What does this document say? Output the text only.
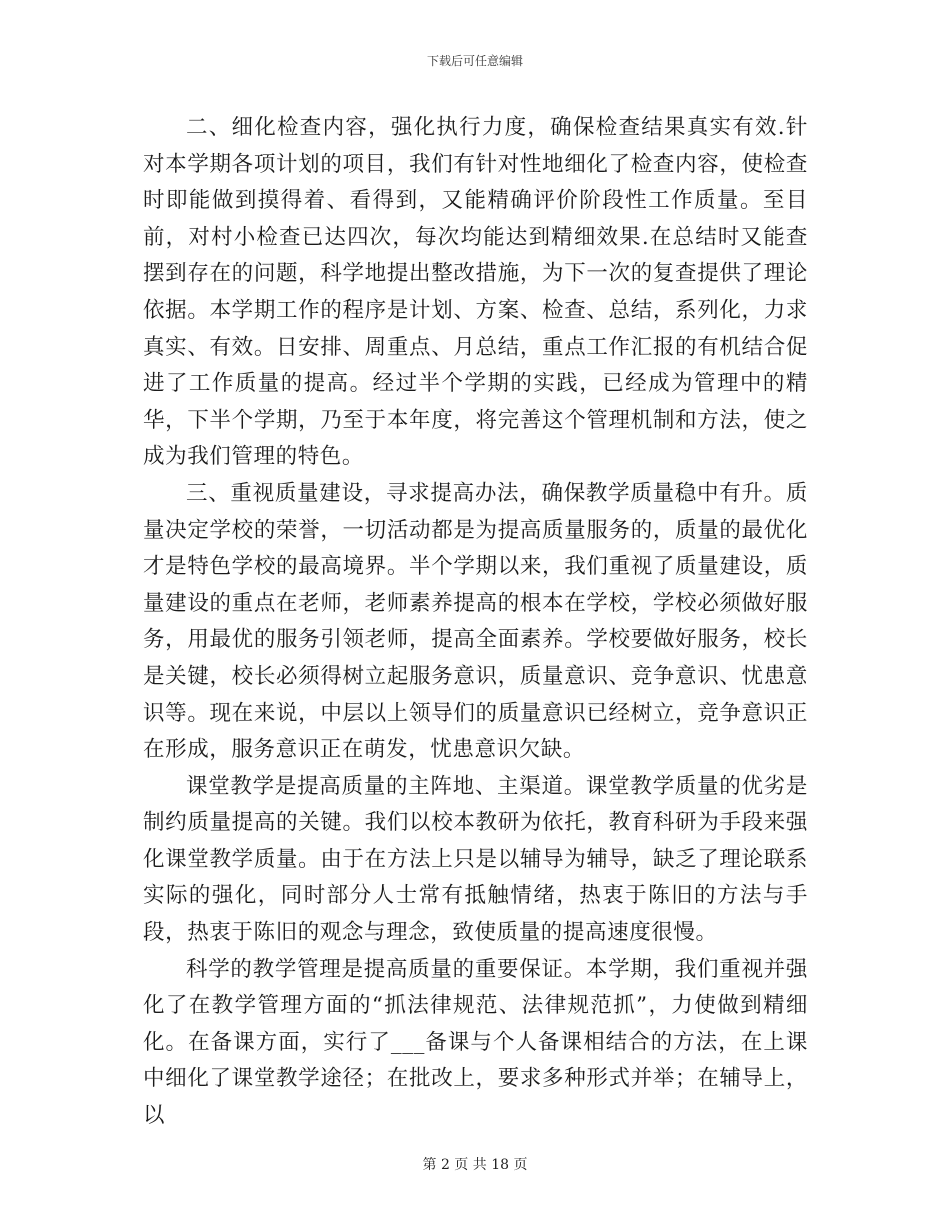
下载后可任意编辑

二、细化检查内容，强化执行力度，确保检查结果真实有效.针对本学期各项计划的项目，我们有针对性地细化了检查内容，使检查时即能做到摸得着、看得到，又能精确评价阶段性工作质量。至目前，对村小检查已达四次，每次均能达到精细效果.在总结时又能查摆到存在的问题，科学地提出整改措施，为下一次的复查提供了理论依据。本学期工作的程序是计划、方案、检查、总结，系列化，力求真实、有效。日安排、周重点、月总结，重点工作汇报的有机结合促进了工作质量的提高。经过半个学期的实践，已经成为管理中的精华，下半个学期，乃至于本年度，将完善这个管理机制和方法，使之成为我们管理的特色。

三、重视质量建设，寻求提高办法，确保教学质量稳中有升。质量决定学校的荣誉，一切活动都是为提高质量服务的，质量的最优化才是特色学校的最高境界。半个学期以来，我们重视了质量建设，质量建设的重点在老师，老师素养提高的根本在学校，学校必须做好服务，用最优的服务引领老师，提高全面素养。学校要做好服务，校长是关键，校长必须得树立起服务意识，质量意识、竞争意识、忧患意识等。现在来说，中层以上领导们的质量意识已经树立，竞争意识正在形成，服务意识正在萌发，忧患意识欠缺。

课堂教学是提高质量的主阵地、主渠道。课堂教学质量的优劣是制约质量提高的关键。我们以校本教研为依托，教育科研为手段来强化课堂教学质量。由于在方法上只是以辅导为辅导，缺乏了理论联系实际的强化，同时部分人士常有抵触情绪，热衷于陈旧的方法与手段，热衷于陈旧的观念与理念，致使质量的提高速度很慢。

科学的教学管理是提高质量的重要保证。本学期，我们重视并强化了在教学管理方面的“抓法律规范、法律规范抓”，力使做到精细化。在备课方面，实行了___备课与个人备课相结合的方法，在上课中细化了课堂教学途径；在批改上，要求多种形式并举；在辅导上，以

第 2 页 共 18 页
